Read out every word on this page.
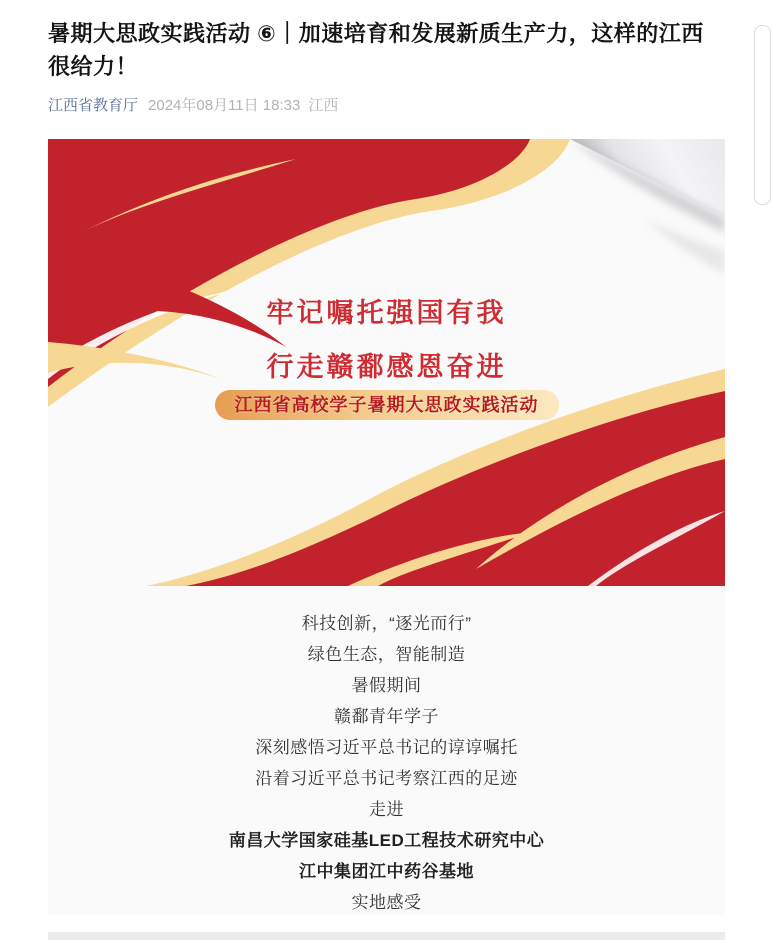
暑期大思政实践活动 ⑥｜加速培育和发展新质生产力，这样的江西很给力！
江西省教育厅 2024年08月11日 18:33 江西
牢记嘱托强国有我
行走赣鄱感恩奋进
江西省高校学子暑期大思政实践活动

科技创新，“逐光而行”

绿色生态，智能制造

暑假期间

赣鄱青年学子

深刻感悟习近平总书记的谆谆嘱托

沿着习近平总书记考察江西的足迹

走进

南昌大学国家硅基LED工程技术研究中心

江中集团江中药谷基地

实地感受
